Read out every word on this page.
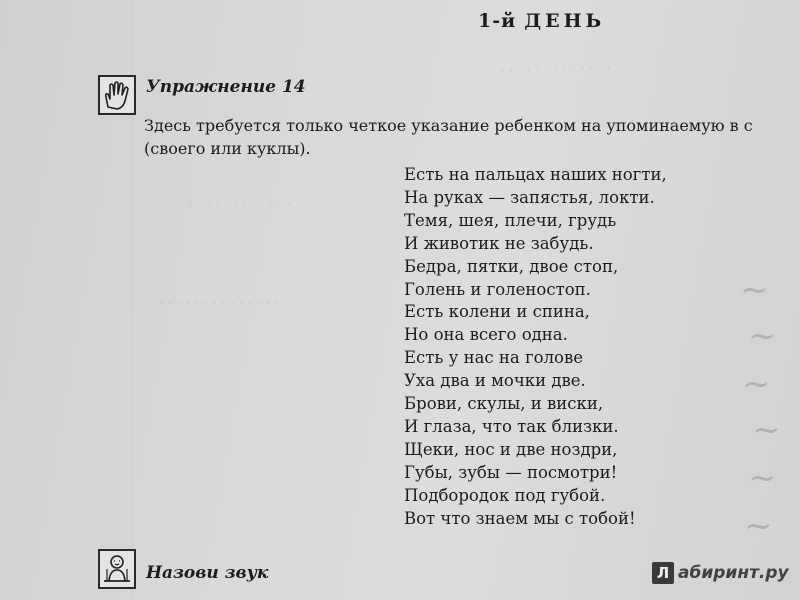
· · · · · · · · · · · · ·
· · · · · · · · · · · · · ·
· · · · · · · · · · · · · · ·	~
~
~
~
~
~
1-й ДЕНЬ
Упражнение 14
Здесь требуется только четкое указание ребенком на упоминаемую в с
(своего или куклы).
Есть на пальцах наших ногти,
На руках — запястья, локти.
Темя, шея, плечи, грудь
И животик не забудь.
Бедра, пятки, двое стоп,
Голень и голеностоп.
Есть колени и спина,
Но она всего одна.
Есть у нас на голове
Уха два и мочки две.
Брови, скулы, и виски,
И глаза, что так близки.
Щеки, нос и две ноздри,
Губы, зубы — посмотри!
Подбородок под губой.
Вот что знаем мы с тобой!
Назови звук	Л абиринт.ру
